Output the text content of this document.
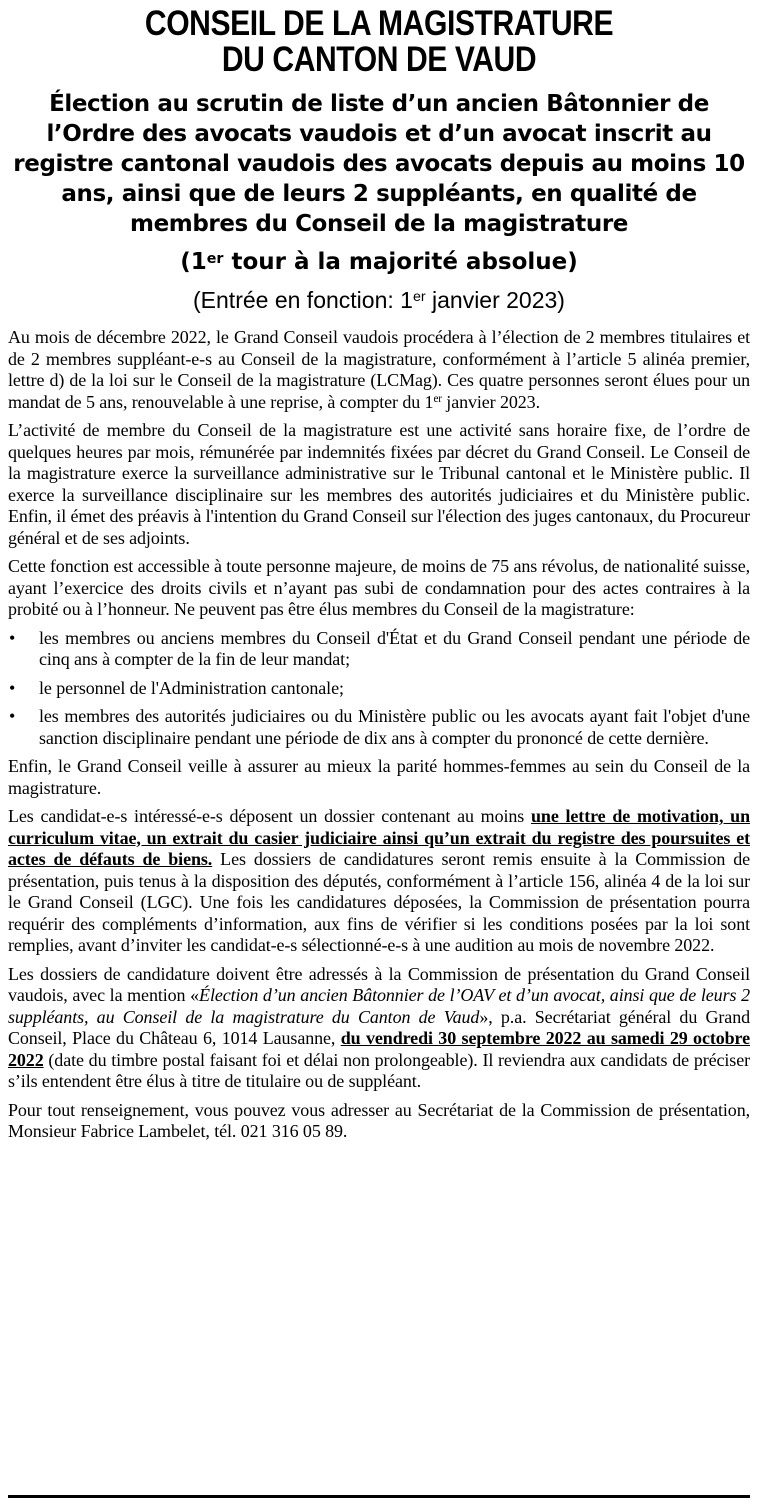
CONSEIL DE LA MAGISTRATURE
DU CANTON DE VAUD
Élection au scrutin de liste d’un ancien Bâtonnier de l’Ordre des avocats vaudois et d’un avocat inscrit au registre cantonal vaudois des avocats depuis au moins 10 ans, ainsi que de leurs 2 suppléants, en qualité de membres du Conseil de la magistrature
(1er tour à la majorité absolue)
(Entrée en fonction: 1er janvier 2023)

Au mois de décembre 2022, le Grand Conseil vaudois procédera à l’élection de 2 membres titulaires et de 2 membres suppléant-e-s au Conseil de la magistrature, conformément à l’article 5 alinéa premier, lettre d) de la loi sur le Conseil de la magistrature (LCMag). Ces quatre personnes seront élues pour un mandat de 5 ans, renouvelable à une reprise, à compter du 1er janvier 2023.

L’activité de membre du Conseil de la magistrature est une activité sans horaire fixe, de l’ordre de quelques heures par mois, rémunérée par indemnités fixées par décret du Grand Conseil. Le Conseil de la magistrature exerce la surveillance administrative sur le Tribunal cantonal et le Ministère public. Il exerce la surveillance disciplinaire sur les membres des autorités judiciaires et du Ministère public. Enfin, il émet des préavis à l'intention du Grand Conseil sur l'élection des juges cantonaux, du Procureur général et de ses adjoints.

Cette fonction est accessible à toute personne majeure, de moins de 75 ans révolus, de nationalité suisse, ayant l’exercice des droits civils et n’ayant pas subi de condamnation pour des actes contraires à la probité ou à l’honneur. Ne peuvent pas être élus membres du Conseil de la magistrature:

• les membres ou anciens membres du Conseil d'État et du Grand Conseil pendant une période de cinq ans à compter de la fin de leur mandat;
• le personnel de l'Administration cantonale;
• les membres des autorités judiciaires ou du Ministère public ou les avocats ayant fait l'objet d'une sanction disciplinaire pendant une période de dix ans à compter du prononcé de cette dernière.

Enfin, le Grand Conseil veille à assurer au mieux la parité hommes-femmes au sein du Conseil de la magistrature.

Les candidat-e-s intéressé-e-s déposent un dossier contenant au moins une lettre de motivation, un curriculum vitae, un extrait du casier judiciaire ainsi qu’un extrait du registre des poursuites et actes de défauts de biens. Les dossiers de candidatures seront remis ensuite à la Commission de présentation, puis tenus à la disposition des députés, conformément à l’article 156, alinéa 4 de la loi sur le Grand Conseil (LGC). Une fois les candidatures déposées, la Commission de présentation pourra requérir des compléments d’information, aux fins de vérifier si les conditions posées par la loi sont remplies, avant d’inviter les candidat-e-s sélectionné-e-s à une audition au mois de novembre 2022.

Les dossiers de candidature doivent être adressés à la Commission de présentation du Grand Conseil vaudois, avec la mention «Élection d’un ancien Bâtonnier de l’OAV et d’un avocat, ainsi que de leurs 2 suppléants, au Conseil de la magistrature du Canton de Vaud», p.a. Secrétariat général du Grand Conseil, Place du Château 6, 1014 Lausanne, du vendredi 30 septembre 2022 au samedi 29 octobre 2022 (date du timbre postal faisant foi et délai non prolongeable). Il reviendra aux candidats de préciser s’ils entendent être élus à titre de titulaire ou de suppléant.

Pour tout renseignement, vous pouvez vous adresser au Secrétariat de la Commission de présentation, Monsieur Fabrice Lambelet, tél. 021 316 05 89.
